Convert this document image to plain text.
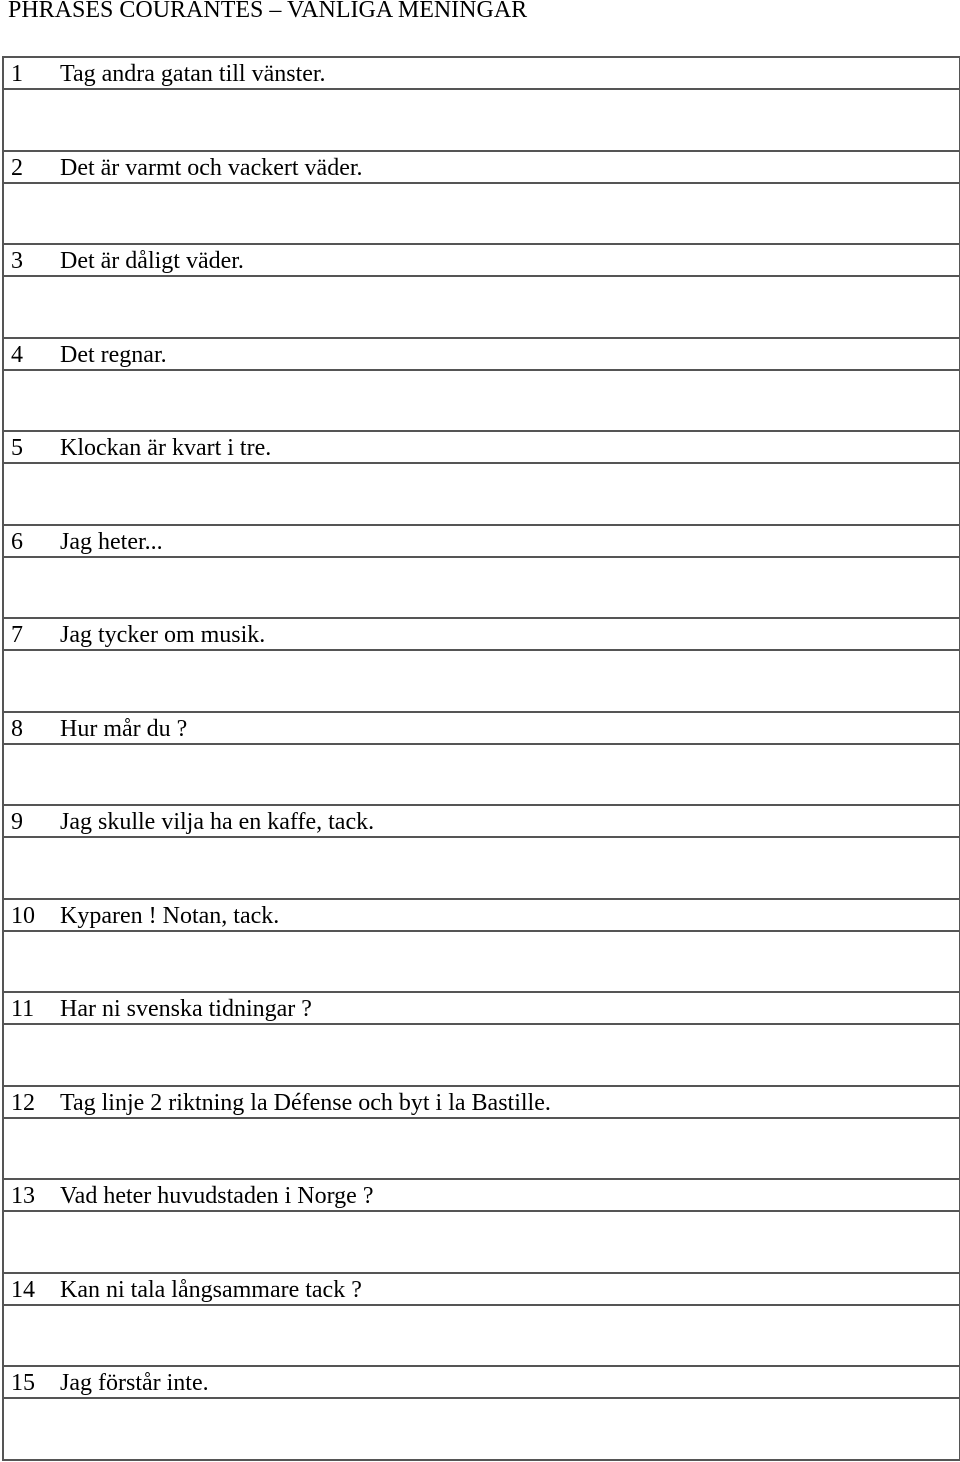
PHRASES COURANTES – VANLIGA MENINGAR
1 Tag andra gatan till vänster.
2 Det är varmt och vackert väder.
3 Det är dåligt väder.
4 Det regnar.
5 Klockan är kvart i tre.
6 Jag heter...
7 Jag tycker om musik.
8 Hur mår du ?
9 Jag skulle vilja ha en kaffe, tack.
10 Kyparen ! Notan, tack.
11 Har ni svenska tidningar ?
12 Tag linje 2 riktning la Défense och byt i la Bastille.
13 Vad heter huvudstaden i Norge ?
14 Kan ni tala långsammare tack ?
15 Jag förstår inte.
